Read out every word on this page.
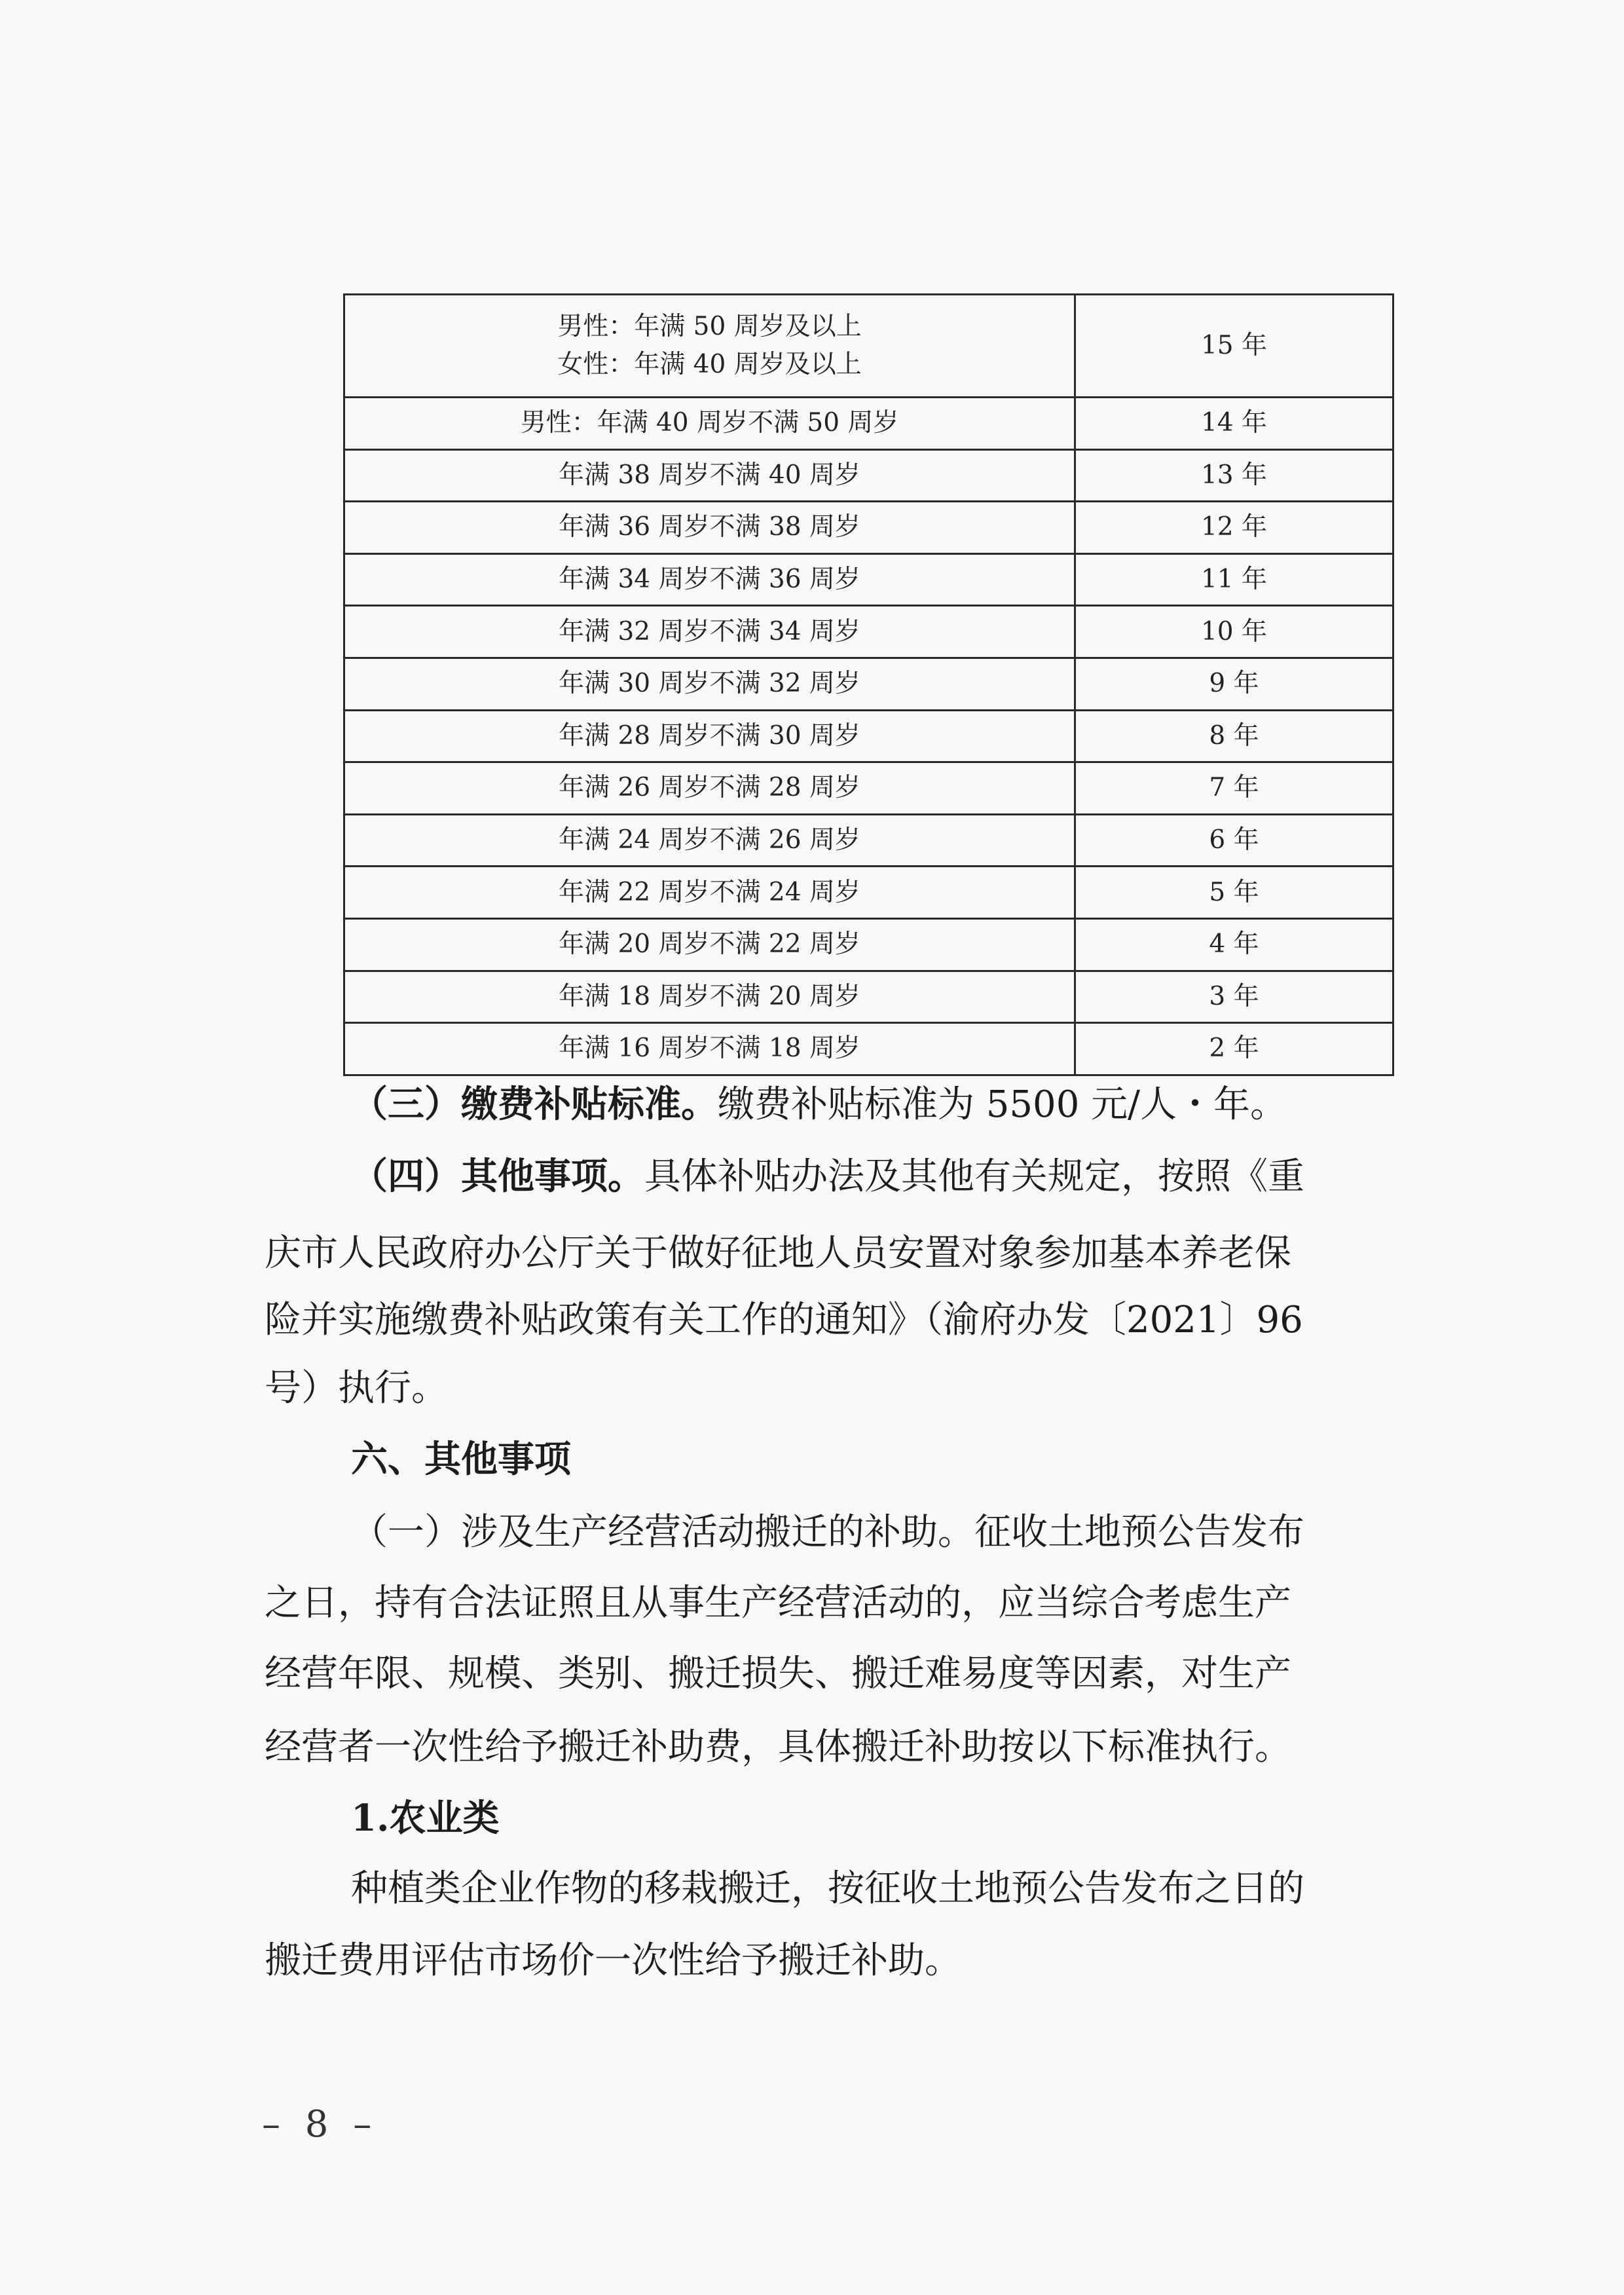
男性：年满 50 周岁及以上
女性：年满 40 周岁及以上	15 年

男性：年满 40 周岁不满 50 周岁	14 年

年满 38 周岁不满 40 周岁	13 年

年满 36 周岁不满 38 周岁	12 年

年满 34 周岁不满 36 周岁	11 年

年满 32 周岁不满 34 周岁	10 年

年满 30 周岁不满 32 周岁	9 年

年满 28 周岁不满 30 周岁	8 年

年满 26 周岁不满 28 周岁	7 年

年满 24 周岁不满 26 周岁	6 年

年满 22 周岁不满 24 周岁	5 年

年满 20 周岁不满 22 周岁	4 年

年满 18 周岁不满 20 周岁	3 年

年满 16 周岁不满 18 周岁	2 年

（三）缴费补贴标准。缴费补贴标准为 5500 元/人・年。

（四）其他事项。具体补贴办法及其他有关规定，按照《重

庆市人民政府办公厅关于做好征地人员安置对象参加基本养老保

险并实施缴费补贴政策有关工作的通知》（渝府办发〔2021〕96

号）执行。

六、其他事项

（一）涉及生产经营活动搬迁的补助。征收土地预公告发布

之日，持有合法证照且从事生产经营活动的，应当综合考虑生产

经营年限、规模、类别、搬迁损失、搬迁难易度等因素，对生产

经营者一次性给予搬迁补助费，具体搬迁补助按以下标准执行。

1.农业类

种植类企业作物的移栽搬迁，按征收土地预公告发布之日的

搬迁费用评估市场价一次性给予搬迁补助。

– 8 –
